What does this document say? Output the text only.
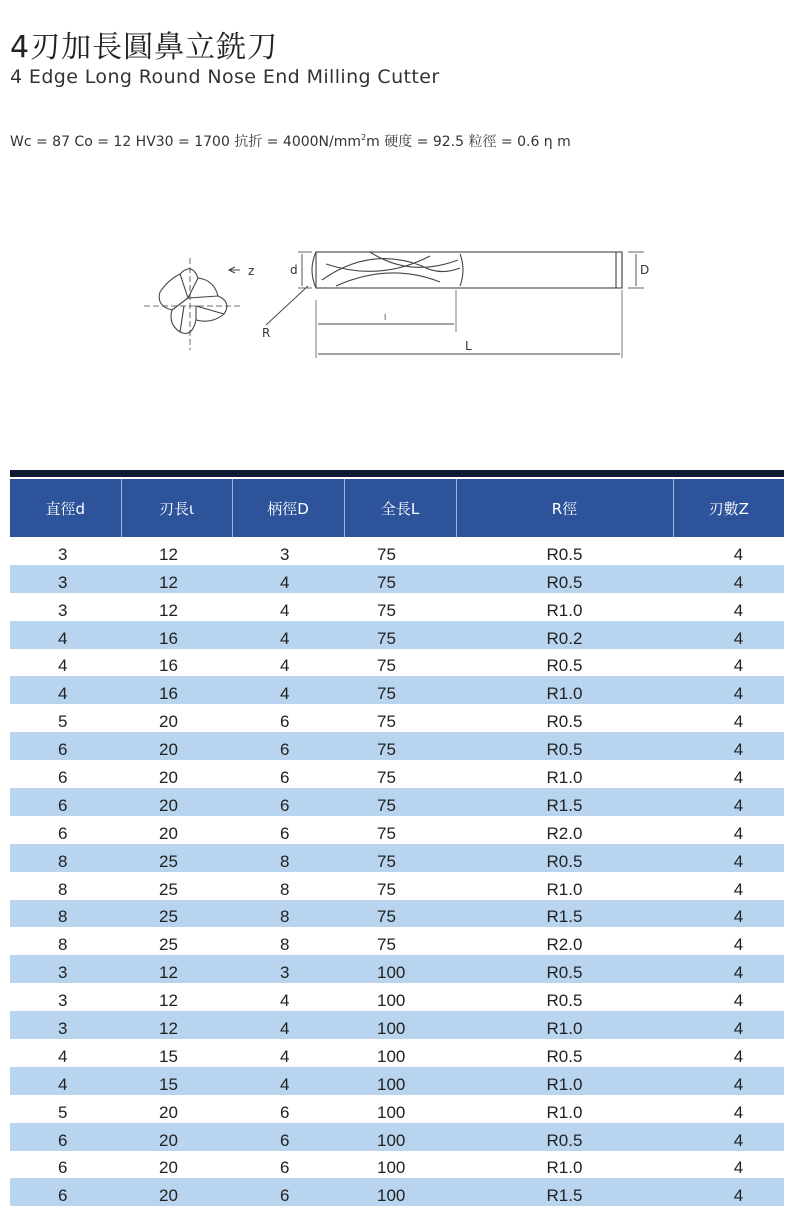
4刃加長圓鼻立銑刀
4 Edge Long Round Nose End Milling Cutter
Wc = 87 Co = 12 HV30 = 1700 抗折 = $4000N/mm^2m$ 硬度 = 92.5 粒徑 = 0.6 η m
z
R
d	D
l
L
直徑d	刃長ι	柄徑D	全長L	R徑	刃數Z
3	12	3	75	R0.5	4
3	12	4	75	R0.5	4
3	12	4	75	R1.0	4
4	16	4	75	R0.2	4
4	16	4	75	R0.5	4
4	16	4	75	R1.0	4
5	20	6	75	R0.5	4
6	20	6	75	R0.5	4
6	20	6	75	R1.0	4
6	20	6	75	R1.5	4
6	20	6	75	R2.0	4
8	25	8	75	R0.5	4
8	25	8	75	R1.0	4
8	25	8	75	R1.5	4
8	25	8	75	R2.0	4
3	12	3	100	R0.5	4
3	12	4	100	R0.5	4
3	12	4	100	R1.0	4
4	15	4	100	R0.5	4
4	15	4	100	R1.0	4
5	20	6	100	R1.0	4
6	20	6	100	R0.5	4
6	20	6	100	R1.0	4
6	20	6	100	R1.5	4
